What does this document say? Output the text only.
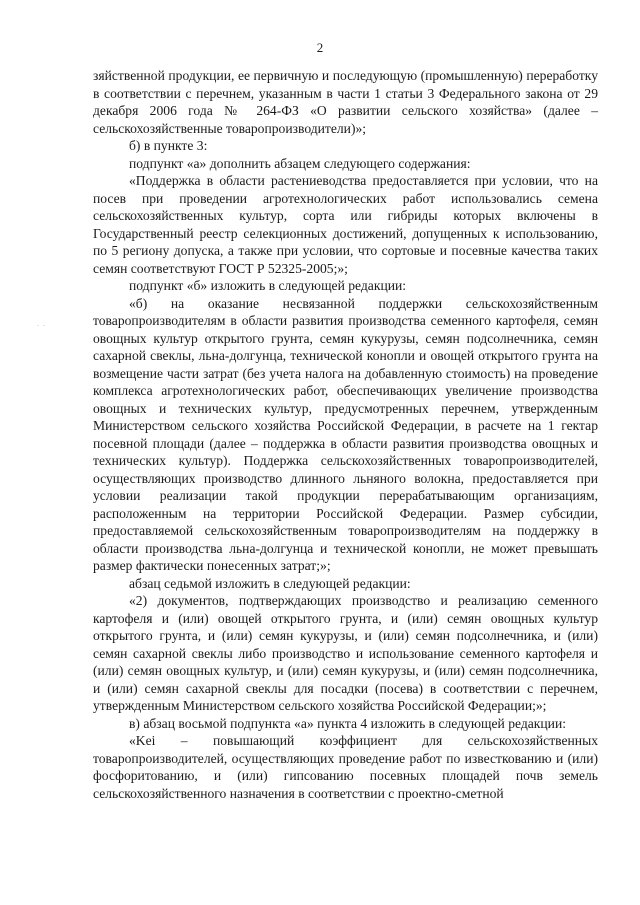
2
. .

зяйственной продукции, ее первичную и последующую (промышленную) переработку в соответствии с перечнем, указанным в части 1 статьи 3 Федерального закона от 29 декабря 2006 года № 264-ФЗ «О развитии сельского хозяйства» (далее – сельскохозяйственные товаропроизводители)»;

б) в пункте 3:

подпункт «а» дополнить абзацем следующего содержания:

«Поддержка в области растениеводства предоставляется при условии, что на посев при проведении агротехнологических работ использовались семена сельскохозяйственных культур, сорта или гибриды которых включены в Государственный реестр селекционных достижений, допущенных к использованию, по 5 региону допуска, а также при условии, что сортовые и посевные качества таких семян соответствуют ГОСТ Р 52325-2005;»;

подпункт «б» изложить в следующей редакции:

«б) на оказание несвязанной поддержки сельскохозяйственным товаропроизводителям в области развития производства семенного картофеля, семян овощных культур открытого грунта, семян кукурузы, семян подсолнечника, семян сахарной свеклы, льна-долгунца, технической конопли и овощей открытого грунта на возмещение части затрат (без учета налога на добавленную стоимость) на проведение комплекса агротехнологических работ, обеспечивающих увеличение производства овощных и технических культур, предусмотренных перечнем, утвержденным Министерством сельского хозяйства Российской Федерации, в расчете на 1 гектар посевной площади (далее – поддержка в области развития производства овощных и технических культур). Поддержка сельскохозяйственных товаропроизводителей, осуществляющих производство длинного льняного волокна, предоставляется при условии реализации такой продукции перерабатывающим организациям, расположенным на территории Российской Федерации. Размер субсидии, предоставляемой сельскохозяйственным товаропроизводителям на поддержку в области производства льна-долгунца и технической конопли, не может превышать размер фактически понесенных затрат;»;

абзац седьмой изложить в следующей редакции:

«2) документов, подтверждающих производство и реализацию семенного картофеля и (или) овощей открытого грунта, и (или) семян овощных культур открытого грунта, и (или) семян кукурузы, и (или) семян подсолнечника, и (или) семян сахарной свеклы либо производство и использование семенного картофеля и (или) семян овощных культур, и (или) семян кукурузы, и (или) семян подсолнечника, и (или) семян сахарной свеклы для посадки (посева) в соответствии с перечнем, утвержденным Министерством сельского хозяйства Российской Федерации;»;

в) абзац восьмой подпункта «а» пункта 4 изложить в следующей редакции:

«Kei – повышающий коэффициент для сельскохозяйственных товаропроизводителей, осуществляющих проведение работ по известкованию и (или) фосфоритованию, и (или) гипсованию посевных площадей почв земель сельскохозяйственного назначения в соответствии с проектно-сметной
